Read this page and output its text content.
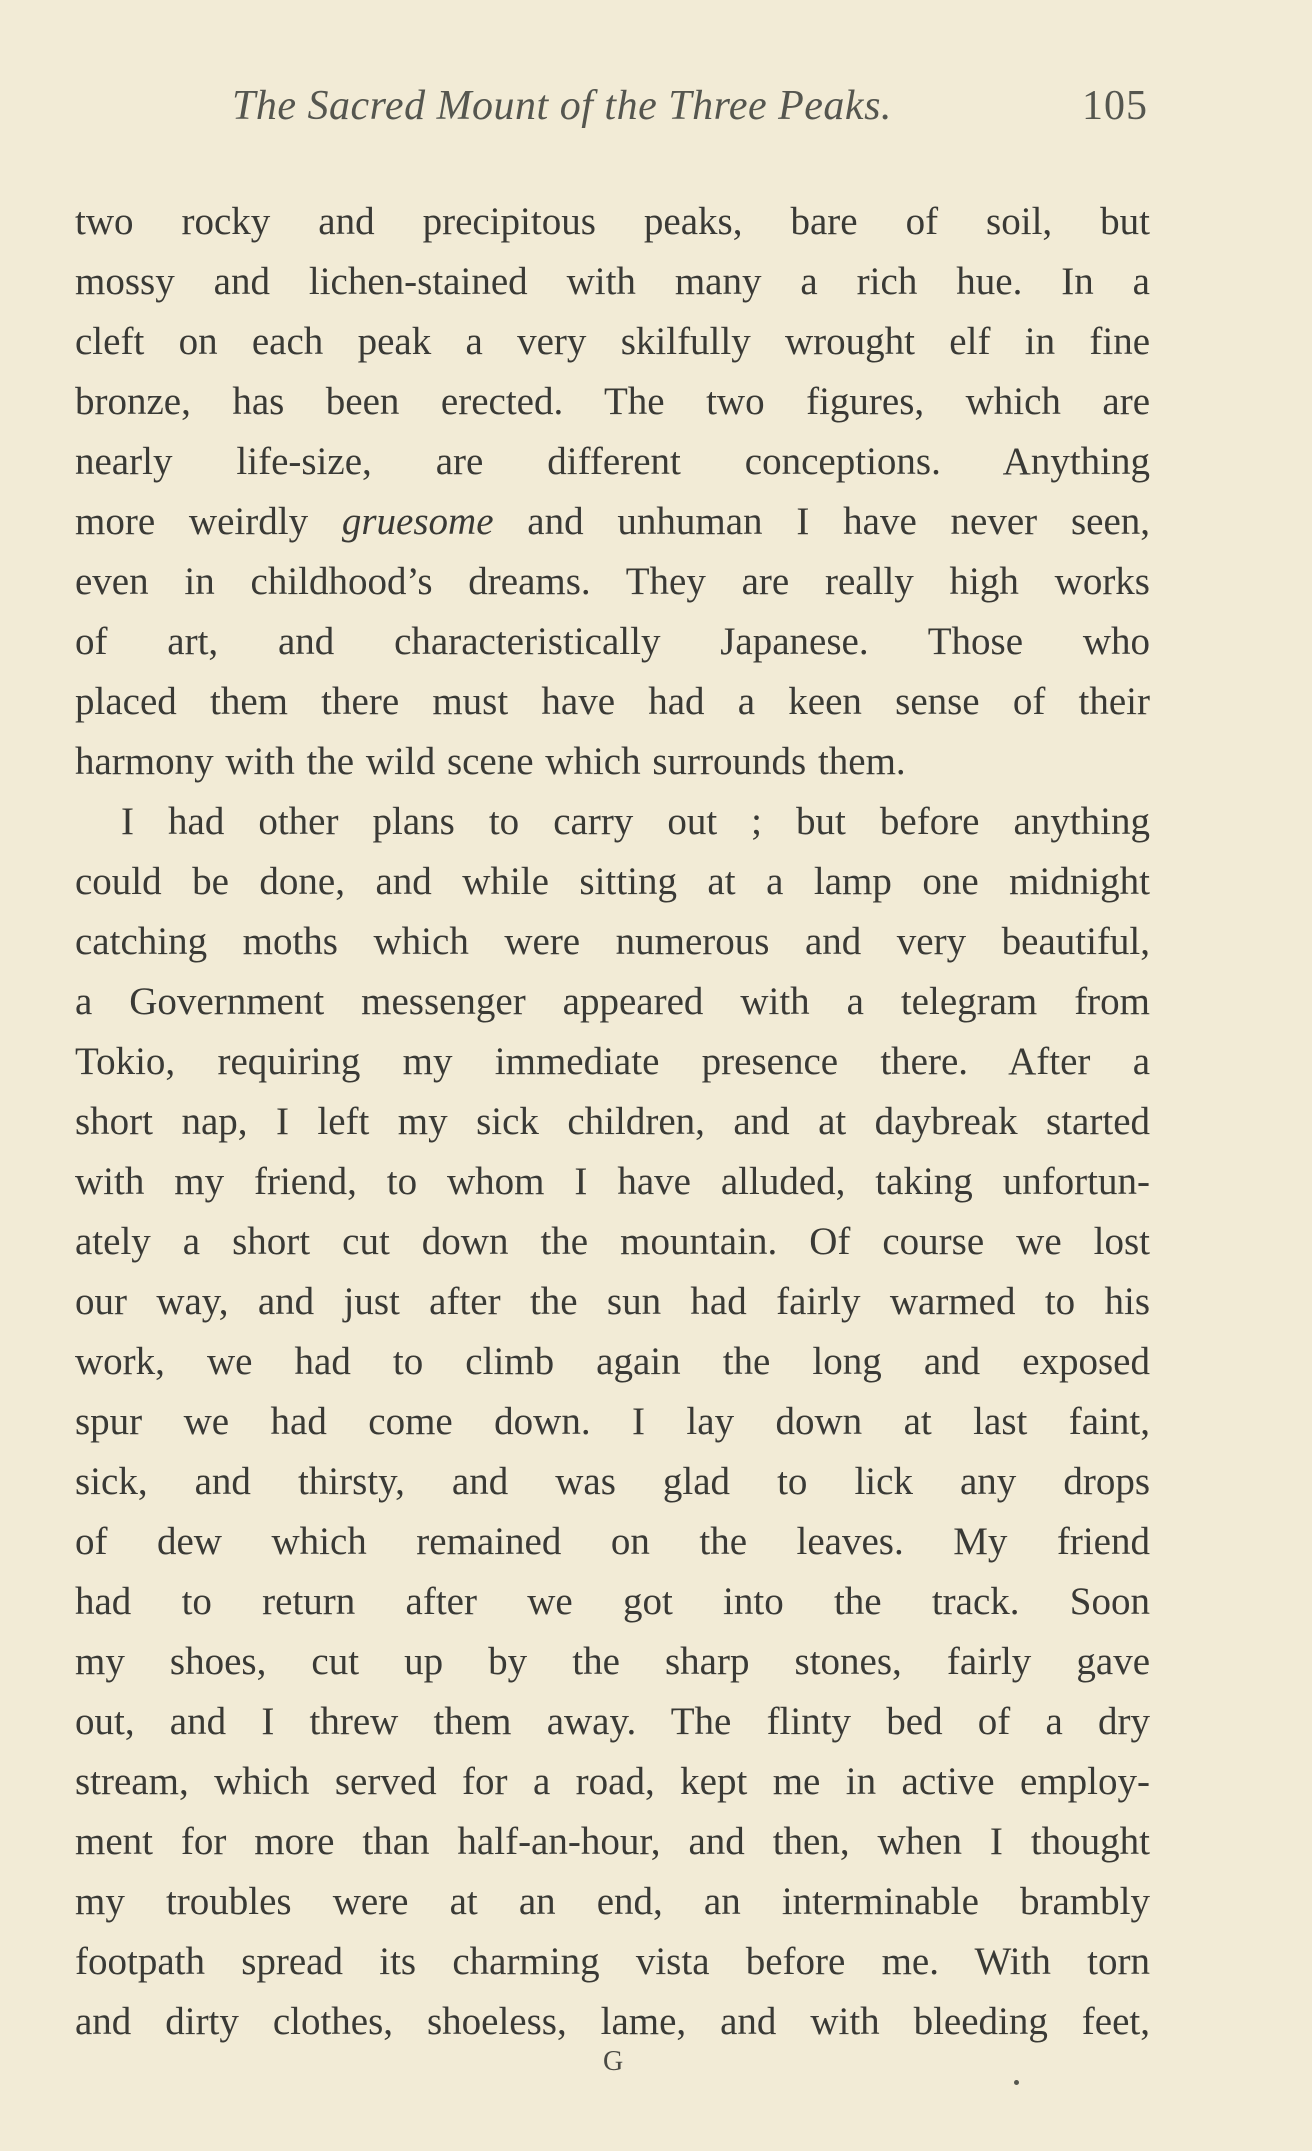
The Sacred Mount of the Three Peaks.	105
two rocky and precipitous peaks, bare of soil, but
mossy and lichen-stained with many a rich hue. In a
cleft on each peak a very skilfully wrought elf in fine
bronze, has been erected. The two figures, which are
nearly life-size, are different conceptions. Anything
more weirdly gruesome and unhuman I have never seen,
even in childhood’s dreams. They are really high works
of art, and characteristically Japanese. Those who
placed them there must have had a keen sense of their
harmony with the wild scene which surrounds them.
I had other plans to carry out ; but before anything
could be done, and while sitting at a lamp one midnight
catching moths which were numerous and very beautiful,
a Government messenger appeared with a telegram from
Tokio, requiring my immediate presence there. After a
short nap, I left my sick children, and at daybreak started
with my friend, to whom I have alluded, taking unfortun-
ately a short cut down the mountain. Of course we lost
our way, and just after the sun had fairly warmed to his
work, we had to climb again the long and exposed
spur we had come down. I lay down at last faint,
sick, and thirsty, and was glad to lick any drops
of dew which remained on the leaves. My friend
had to return after we got into the track. Soon
my shoes, cut up by the sharp stones, fairly gave
out, and I threw them away. The flinty bed of a dry
stream, which served for a road, kept me in active employ-
ment for more than half-an-hour, and then, when I thought
my troubles were at an end, an interminable brambly
footpath spread its charming vista before me. With torn
and dirty clothes, shoeless, lame, and with bleeding feet,
G
